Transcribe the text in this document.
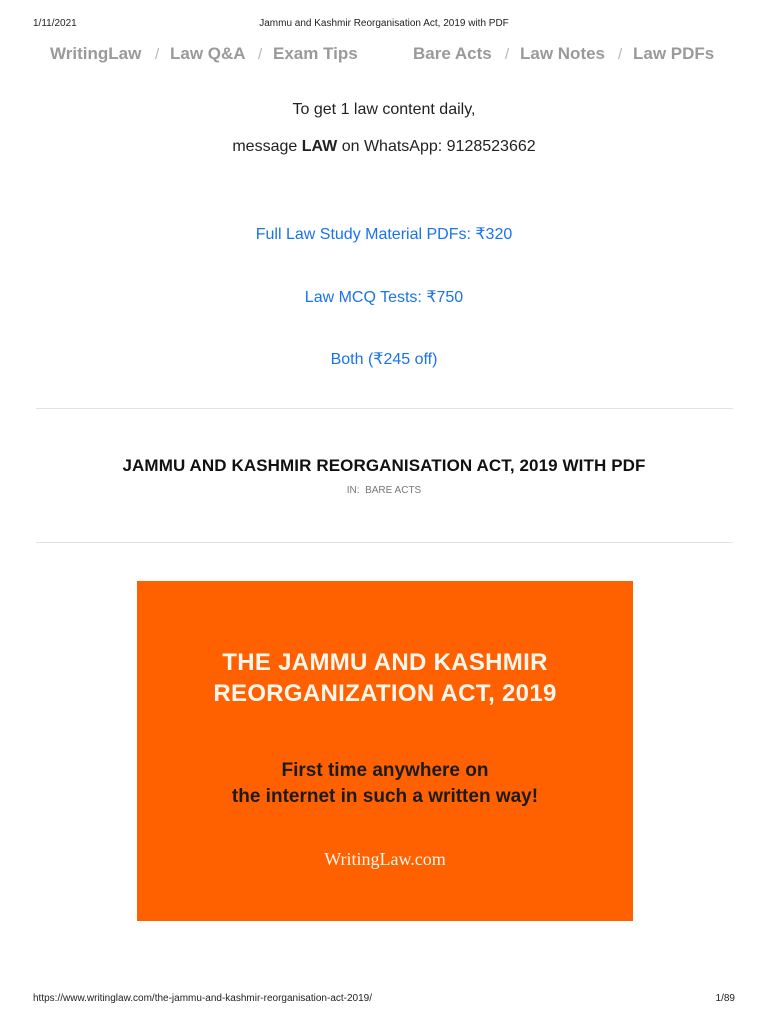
1/11/2021	Jammu and Kashmir Reorganisation Act, 2019 with PDF
WritingLaw / Law Q&A / Exam Tips	Bare Acts / Law Notes / Law PDFs
To get 1 law content daily,
message LAW on WhatsApp: 9128523662
Full Law Study Material PDFs: ₹320
Law MCQ Tests: ₹750
Both (₹245 off)
JAMMU AND KASHMIR REORGANISATION ACT, 2019 WITH PDF
IN: BARE ACTS
THE JAMMU AND KASHMIR
REORGANIZATION ACT, 2019
First time anywhere on
the internet in such a written way!
WritingLaw.com
https://www.writinglaw.com/the-jammu-and-kashmir-reorganisation-act-2019/	1/89
